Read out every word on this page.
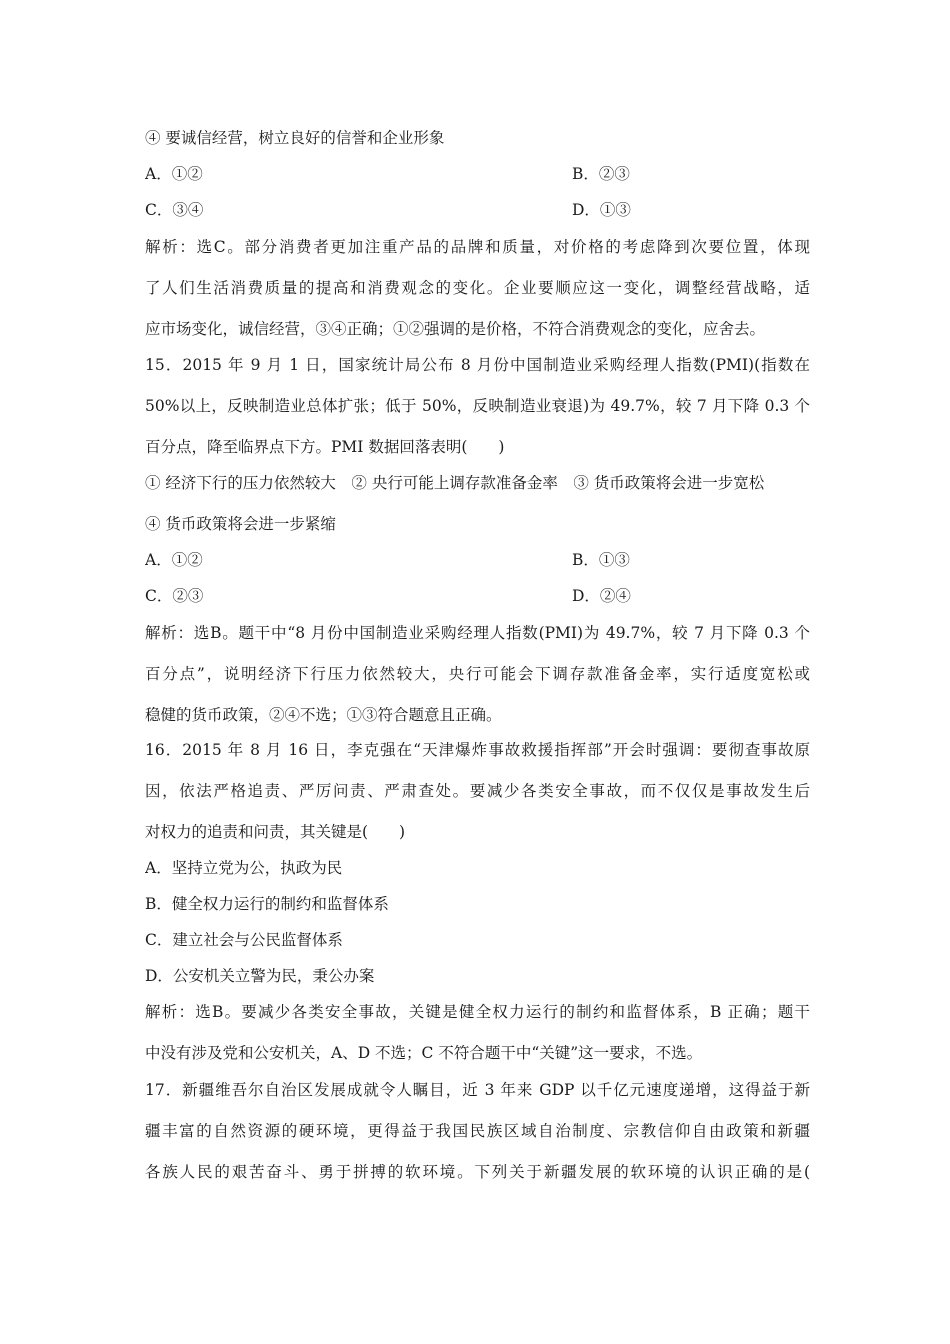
④ 要诚信经营，树立良好的信誉和企业形象
A．①②	B．②③
C．③④	D．①③
解析：选C。部分消费者更加注重产品的品牌和质量，对价格的考虑降到次要位置，体现
了人们生活消费质量的提高和消费观念的变化。企业要顺应这一变化，调整经营战略，适
应市场变化，诚信经营，③④正确；①②强调的是价格，不符合消费观念的变化，应舍去。
15．2015 年 9 月 1 日，国家统计局公布 8 月份中国制造业采购经理人指数(PMI)(指数在
50%以上，反映制造业总体扩张；低于 50%，反映制造业衰退)为 49.7%，较 7 月下降 0.3 个
百分点，降至临界点下方。PMI 数据回落表明(　　)
① 经济下行的压力依然较大　② 央行可能上调存款准备金率　③ 货币政策将会进一步宽松
④ 货币政策将会进一步紧缩
A．①②	B．①③
C．②③	D．②④
解析：选B。题干中“8 月份中国制造业采购经理人指数(PMI)为 49.7%，较 7 月下降 0.3 个
百分点”，说明经济下行压力依然较大，央行可能会下调存款准备金率，实行适度宽松或
稳健的货币政策，②④不选；①③符合题意且正确。
16．2015 年 8 月 16 日，李克强在“天津爆炸事故救援指挥部”开会时强调：要彻查事故原
因，依法严格追责、严厉问责、严肃查处。要减少各类安全事故，而不仅仅是事故发生后
对权力的追责和问责，其关键是(　　)
A．坚持立党为公，执政为民
B．健全权力运行的制约和监督体系
C．建立社会与公民监督体系
D．公安机关立警为民，秉公办案
解析：选B。要减少各类安全事故，关键是健全权力运行的制约和监督体系，B 正确；题干
中没有涉及党和公安机关，A、D 不选；C 不符合题干中“关键”这一要求，不选。
17．新疆维吾尔自治区发展成就令人瞩目，近 3 年来 GDP 以千亿元速度递增，这得益于新
疆丰富的自然资源的硬环境，更得益于我国民族区域自治制度、宗教信仰自由政策和新疆
各族人民的艰苦奋斗、勇于拼搏的软环境。下列关于新疆发展的软环境的认识正确的是(
